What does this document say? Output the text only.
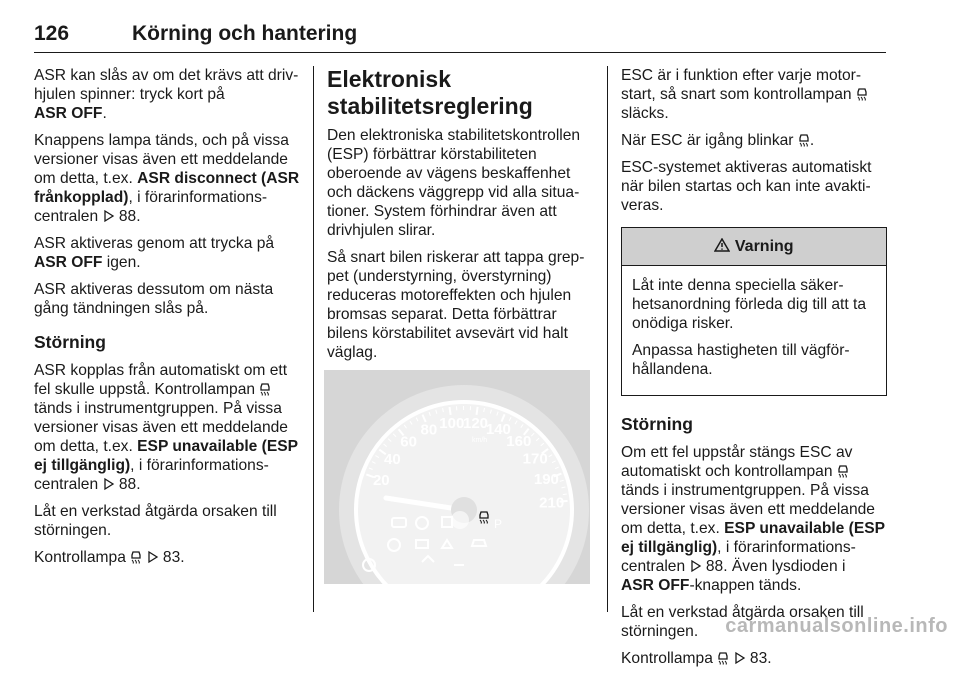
126	Körning och hantering

ASR kan slås av om det krävs att drivhjulen spinner: tryck kort på
ASR OFF.

Knappens lampa tänds, och på vissa versioner visas även ett meddelande om detta, t.ex. ASR disconnect (ASR frånkopplad), i förarinformationscentralen 88.

ASR aktiveras genom att trycka på
ASR OFF igen.

ASR aktiveras dessutom om nästa gång tändningen slås på.

Störning

ASR kopplas från automatiskt om ett fel skulle uppstå. Kontrollampan  tänds i instrumentgruppen. På vissa versioner visas även ett meddelande om detta, t.ex. ESP unavailable (ESP ej tillgänglig), i förarinformationscentralen 88.

Låt en verkstad åtgärda orsaken till störningen.

Kontrollampa 83.

Elektronisk stabilitetsreglering

Den elektroniska stabilitetskontrollen (ESP) förbättrar körstabiliteten oberoende av vägens beskaffenhet och däckens väggrepp vid alla situationer. System förhindrar även att drivhjulen slirar.

Så snart bilen riskerar att tappa greppet (understyrning, överstyrning) reduceras motoreffekten och hjulen bromsas separat. Detta förbättrar bilens körstabilitet avsevärt vid halt väglag.

20
40
60
80 100
120
140
160
170
190
210
km/h
P

ESC är i funktion efter varje motorstart, så snart som kontrollampan  släcks.

När ESC är igång blinkar .

ESC-systemet aktiveras automatiskt när bilen startas och kan inte avaktiveras.

Varning

Låt inte denna speciella säkerhetsanordning förleda dig till att ta onödiga risker.

Anpassa hastigheten till vägförhållandena.

Störning

Om ett fel uppstår stängs ESC av automatiskt och kontrollampan  tänds i instrumentgruppen. På vissa versioner visas även ett meddelande om detta, t.ex. ESP unavailable (ESP ej tillgänglig), i förarinformationscentralen 88. Även lysdioden i
ASR OFF-knappen tänds.

Låt en verkstad åtgärda orsaken till störningen.

Kontrollampa 83.

carmanualsonline.info
